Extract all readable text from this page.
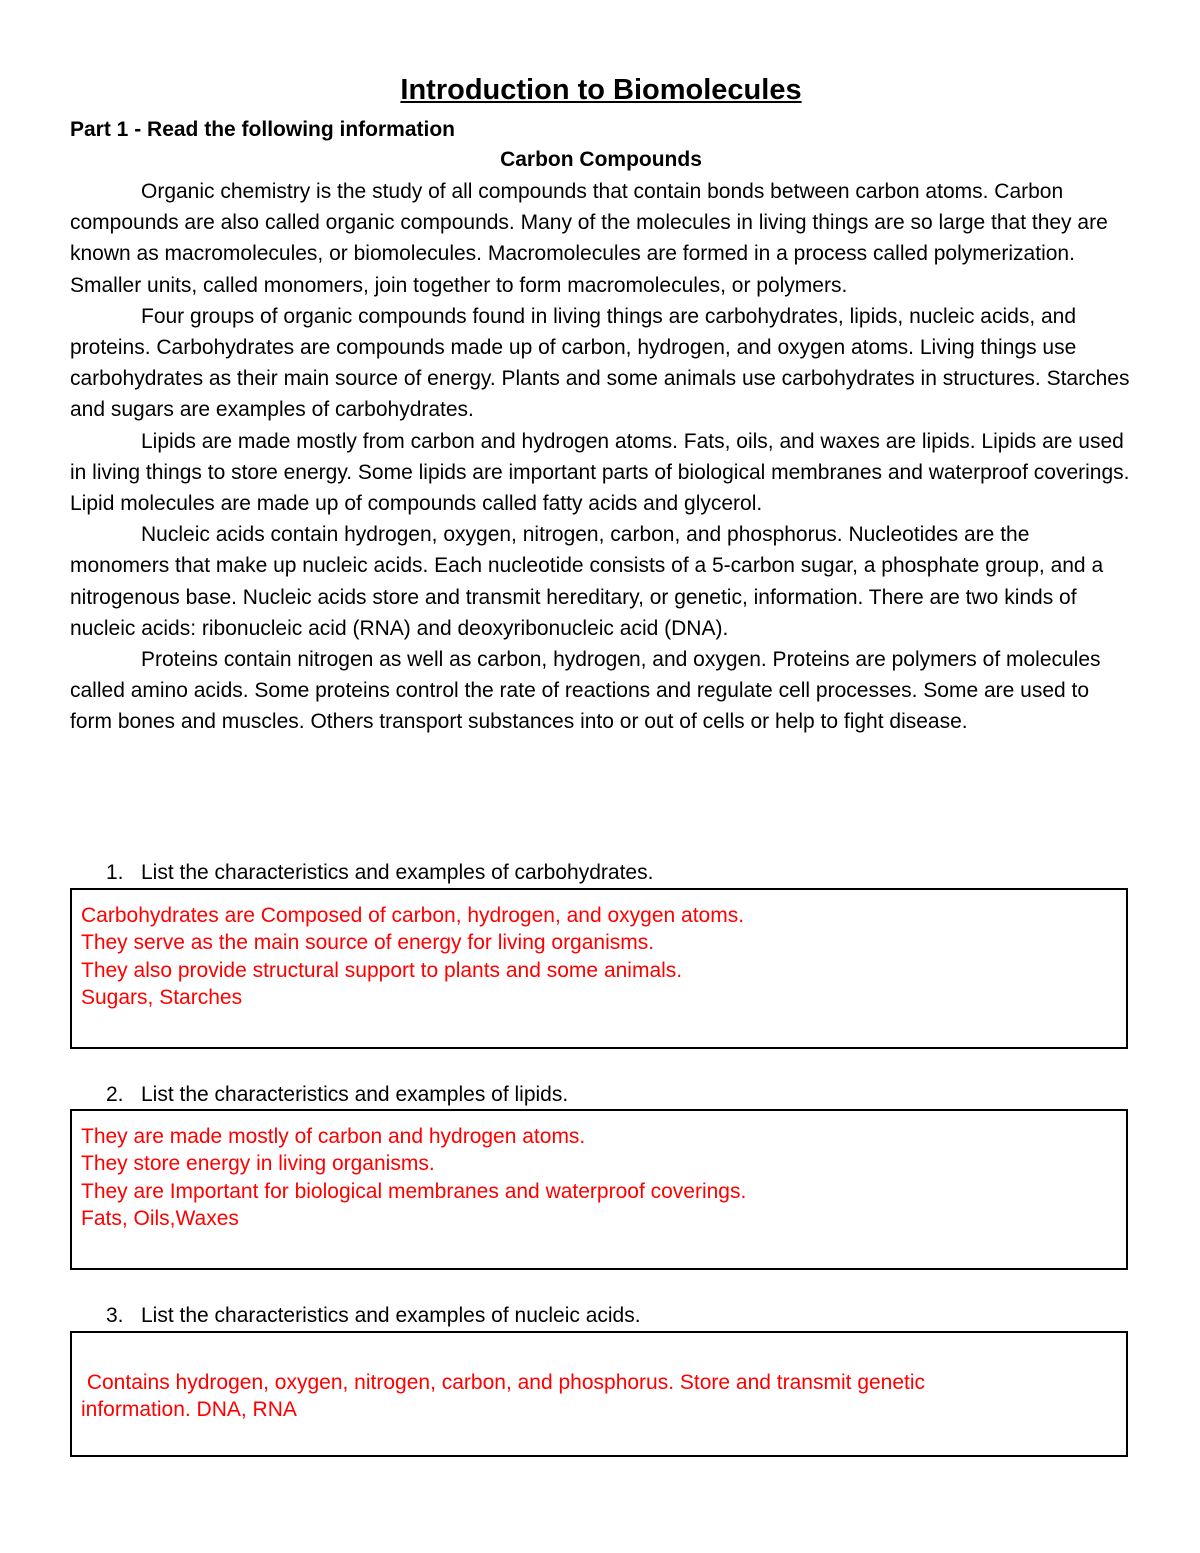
Introduction to Biomolecules

Part 1 - Read the following information

Carbon Compounds

Organic chemistry is the study of all compounds that contain bonds between carbon atoms. Carbon compounds are also called organic compounds. Many of the molecules in living things are so large that they are known as macromolecules, or biomolecules. Macromolecules are formed in a process called polymerization. Smaller units, called monomers, join together to form macromolecules, or polymers.

Four groups of organic compounds found in living things are carbohydrates, lipids, nucleic acids, and proteins. Carbohydrates are compounds made up of carbon, hydrogen, and oxygen atoms. Living things use carbohydrates as their main source of energy. Plants and some animals use carbohydrates in structures. Starches and sugars are examples of carbohydrates.

Lipids are made mostly from carbon and hydrogen atoms. Fats, oils, and waxes are lipids. Lipids are used in living things to store energy. Some lipids are important parts of biological membranes and waterproof coverings. Lipid molecules are made up of compounds called fatty acids and glycerol.

Nucleic acids contain hydrogen, oxygen, nitrogen, carbon, and phosphorus. Nucleotides are the monomers that make up nucleic acids. Each nucleotide consists of a 5-carbon sugar, a phosphate group, and a nitrogenous base. Nucleic acids store and transmit hereditary, or genetic, information. There are two kinds of nucleic acids: ribonucleic acid (RNA) and deoxyribonucleic acid (DNA).

Proteins contain nitrogen as well as carbon, hydrogen, and oxygen. Proteins are polymers of molecules called amino acids. Some proteins control the rate of reactions and regulate cell processes. Some are used to form bones and muscles. Others transport substances into or out of cells or help to fight disease.

1. List the characteristics and examples of carbohydrates.
Carbohydrates are Composed of carbon, hydrogen, and oxygen atoms.
They serve as the main source of energy for living organisms.
They also provide structural support to plants and some animals.
Sugars, Starches
2. List the characteristics and examples of lipids.
They are made mostly of carbon and hydrogen atoms.
They store energy in living organisms.
They are Important for biological membranes and waterproof coverings.
Fats, Oils,Waxes
3. List the characteristics and examples of nucleic acids.
Contains hydrogen, oxygen, nitrogen, carbon, and phosphorus. Store and transmit genetic
information. DNA, RNA
